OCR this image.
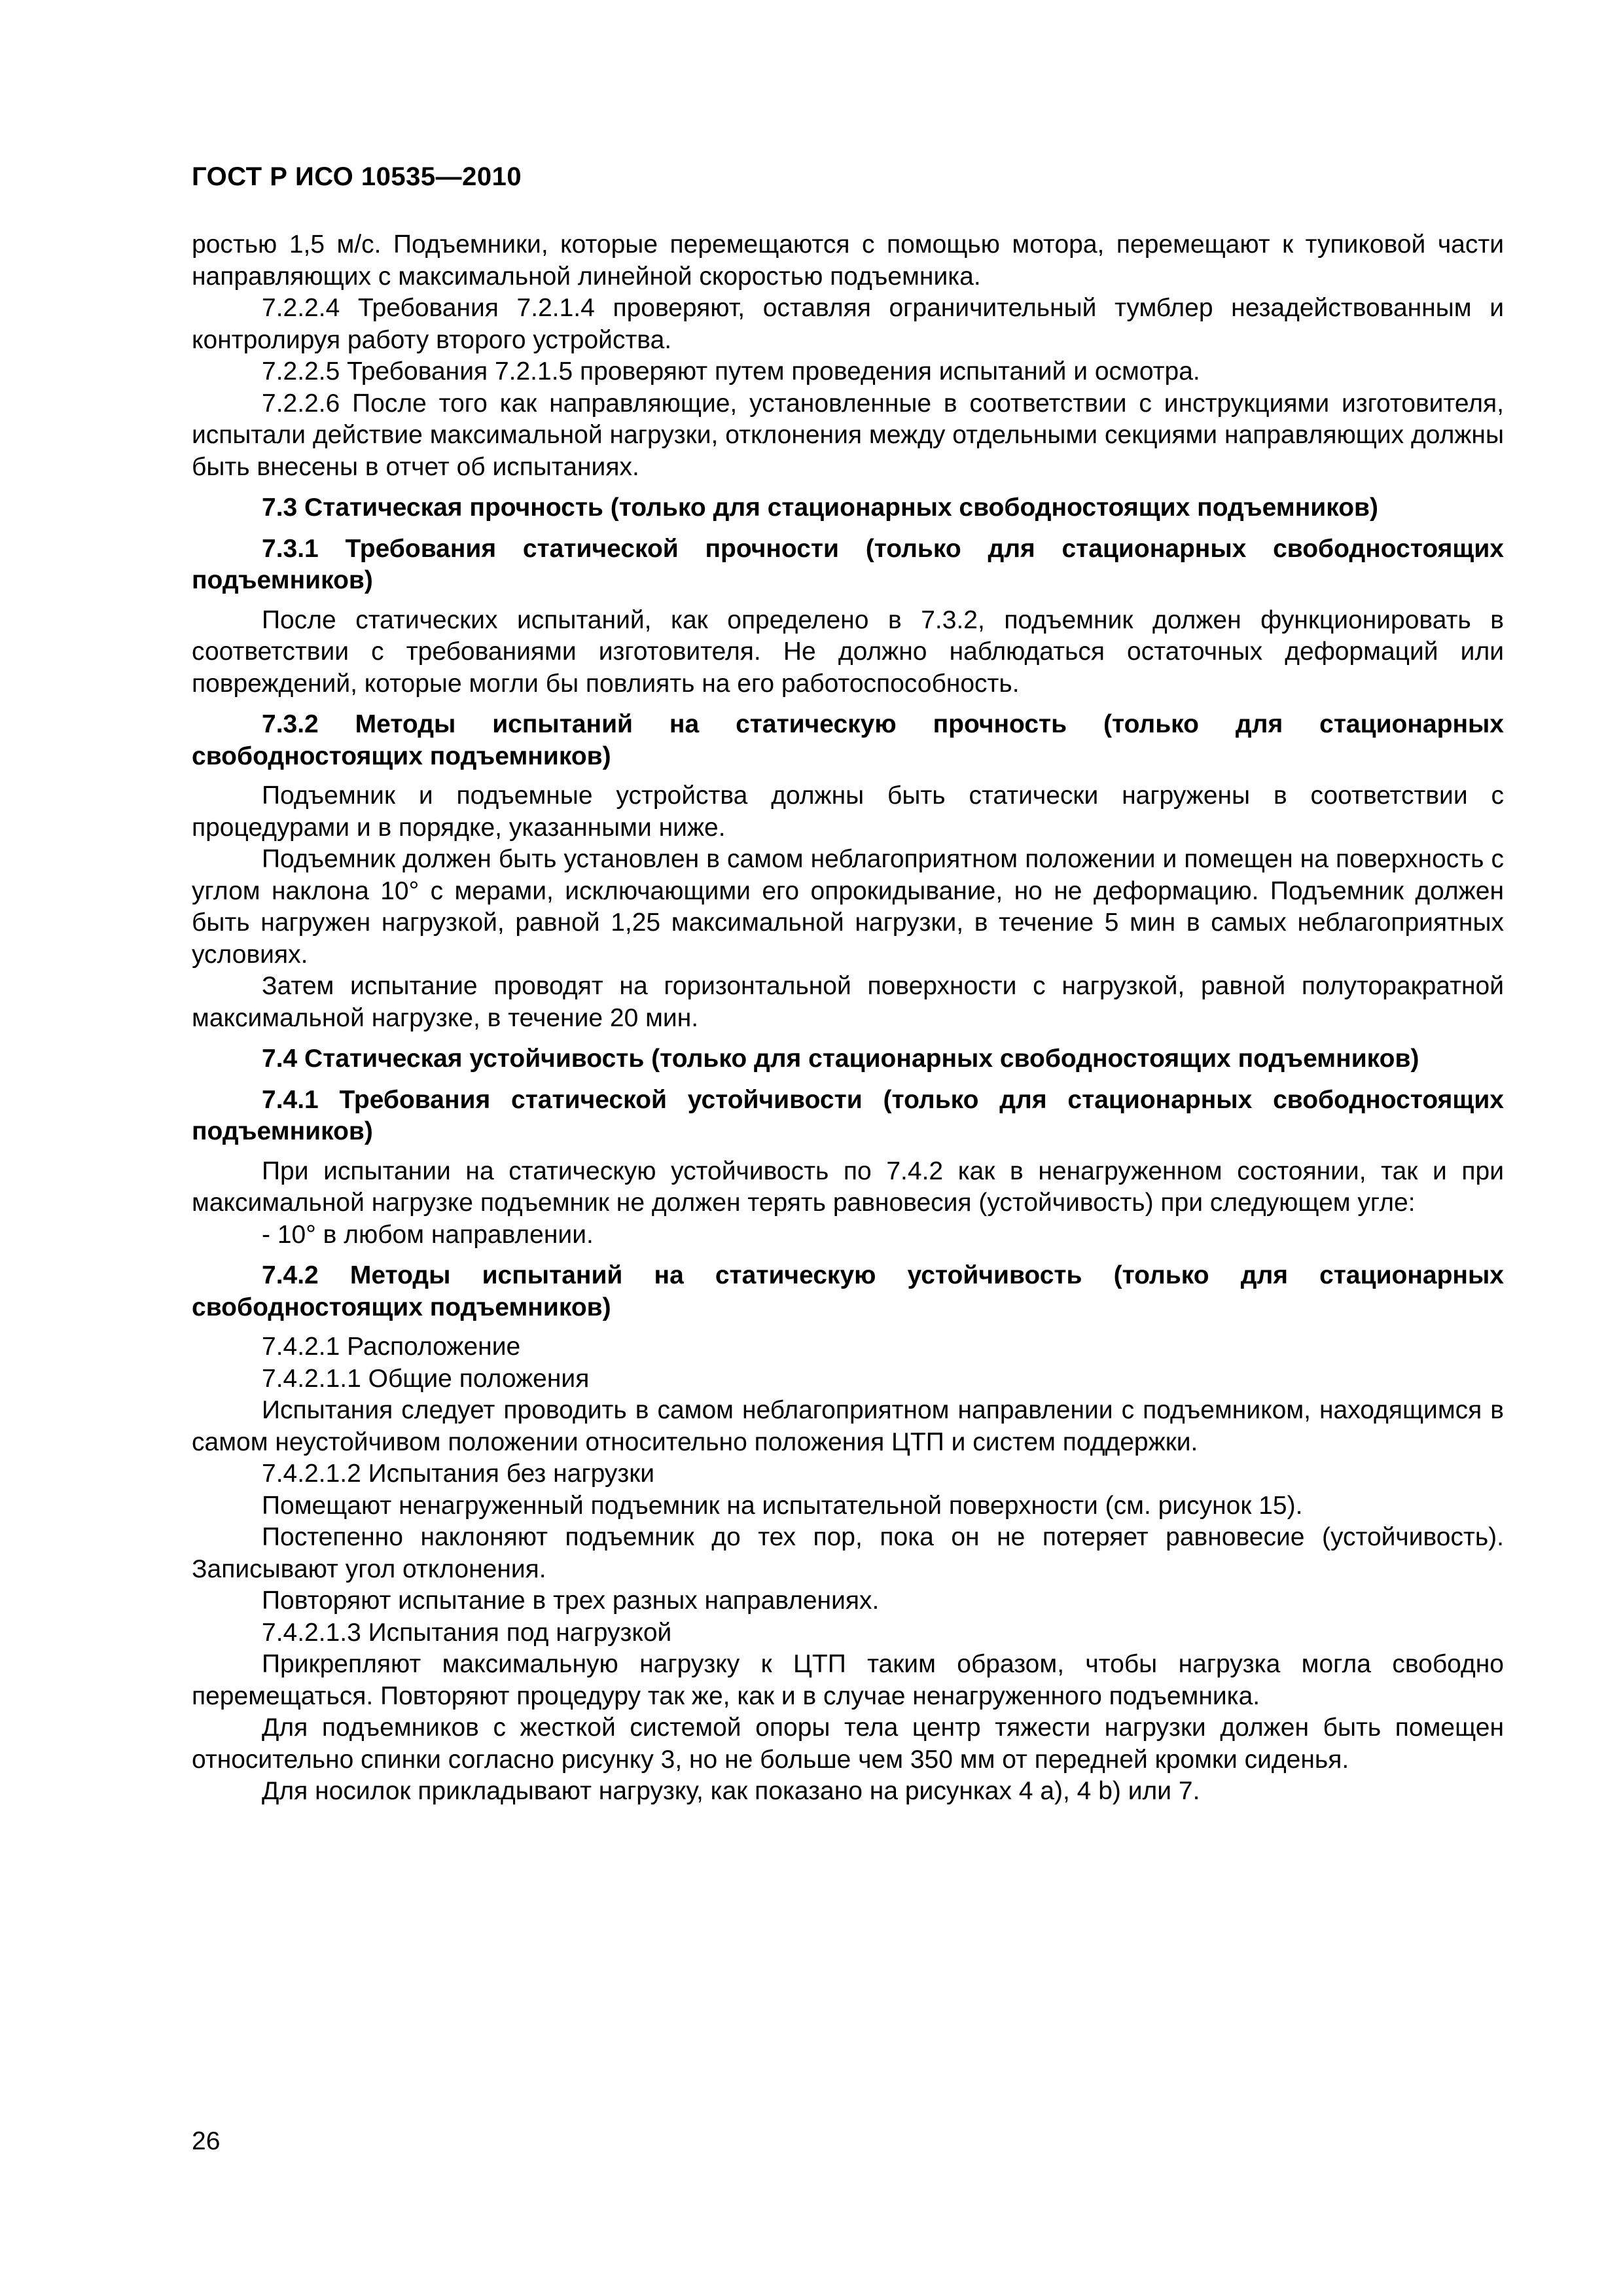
ГОСТ Р ИСО 10535—2010

ростью 1,5 м/с. Подъемники, которые перемещаются с помощью мотора, перемещают к тупиковой части направляющих с максимальной линейной скоростью подъемника.

7.2.2.4 Требования 7.2.1.4 проверяют, оставляя ограничительный тумблер незадействованным и контролируя работу второго устройства.

7.2.2.5 Требования 7.2.1.5 проверяют путем проведения испытаний и осмотра.

7.2.2.6 После того как направляющие, установленные в соответствии с инструкциями изготовителя, испытали действие максимальной нагрузки, отклонения между отдельными секциями направляющих должны быть внесены в отчет об испытаниях.

7.3 Статическая прочность (только для стационарных свободностоящих подъемников)

7.3.1 Требования статической прочности (только для стационарных свободностоящих подъемников)

После статических испытаний, как определено в 7.3.2, подъемник должен функционировать в соответствии с требованиями изготовителя. Не должно наблюдаться остаточных деформаций или повреждений, которые могли бы повлиять на его работоспособность.

7.3.2 Методы испытаний на статическую прочность (только для стационарных свободностоящих подъемников)

Подъемник и подъемные устройства должны быть статически нагружены в соответствии с процедурами и в порядке, указанными ниже.

Подъемник должен быть установлен в самом неблагоприятном положении и помещен на поверхность с углом наклона 10° с мерами, исключающими его опрокидывание, но не деформацию. Подъемник должен быть нагружен нагрузкой, равной 1,25 максимальной нагрузки, в течение 5 мин в самых неблагоприятных условиях.

Затем испытание проводят на горизонтальной поверхности с нагрузкой, равной полуторакратной максимальной нагрузке, в течение 20 мин.

7.4 Статическая устойчивость (только для стационарных свободностоящих подъемников)

7.4.1 Требования статической устойчивости (только для стационарных свободностоящих подъемников)

При испытании на статическую устойчивость по 7.4.2 как в ненагруженном состоянии, так и при максимальной нагрузке подъемник не должен терять равновесия (устойчивость) при следующем угле:

- 10° в любом направлении.

7.4.2 Методы испытаний на статическую устойчивость (только для стационарных свободностоящих подъемников)

7.4.2.1 Расположение

7.4.2.1.1 Общие положения

Испытания следует проводить в самом неблагоприятном направлении с подъемником, находящимся в самом неустойчивом положении относительно положения ЦТП и систем поддержки.

7.4.2.1.2 Испытания без нагрузки

Помещают ненагруженный подъемник на испытательной поверхности (см. рисунок 15).

Постепенно наклоняют подъемник до тех пор, пока он не потеряет равновесие (устойчивость). Записывают угол отклонения.

Повторяют испытание в трех разных направлениях.

7.4.2.1.3 Испытания под нагрузкой

Прикрепляют максимальную нагрузку к ЦТП таким образом, чтобы нагрузка могла свободно перемещаться. Повторяют процедуру так же, как и в случае ненагруженного подъемника.

Для подъемников с жесткой системой опоры тела центр тяжести нагрузки должен быть помещен относительно спинки согласно рисунку 3, но не больше чем 350 мм от передней кромки сиденья.

Для носилок прикладывают нагрузку, как показано на рисунках 4 а), 4 b) или 7.

26
